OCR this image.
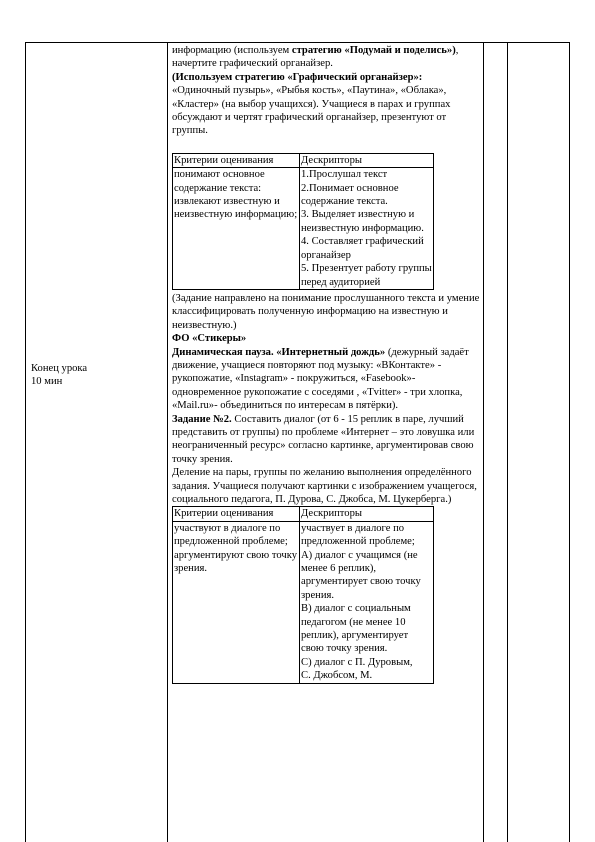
Конец урока

10 мин

информацию (используем стратегию «Подумай и поделись»), начертите графический органайзер.

(Используем стратегию «Графический органайзер»:

«Одиночный пузырь», «Рыбья кость», «Паутина», «Облака», «Кластер» (на выбор учащихся). Учащиеся в парах и группах обсуждают и чертят графический органайзер, презентуют от группы.

Критерии оценивания	Дескрипторы
понимают основное содержание текста: извлекают известную и неизвестную информацию;	1.Прослушал текст
2.Понимает основное содержание текста.
3. Выделяет известную и неизвестную информацию.
4. Составляет графический органайзер
5. Презентует работу группы перед аудиторией

(Задание направлено на понимание прослушанного текста и умение классифицировать полученную информацию на известную и неизвестную.)

ФО «Стикеры»

Динамическая пауза. «Интернетный дождь» (дежурный задаёт движение, учащиеся повторяют под музыку: «ВКонтакте» - рукопожатие, «Instagram» - покружиться, «Fasebook»- одновременное рукопожатие с соседями , «Tvitter» - три хлопка, «Mail.ru»- объединиться по интересам в пятёрки).

Задание №2. Составить диалог (от 6 - 15 реплик в паре, лучший представить от группы) по проблеме «Интернет – это ловушка или неограниченный ресурс» согласно картинке, аргументировав свою точку зрения.

Деление на пары, группы по желанию выполнения определённого задания. Учащиеся получают картинки с изображением учащегося, социального педагога, П. Дурова, С. Джобса, М. Цукерберга.)

Критерии оценивания	Дескрипторы
участвуют в диалоге по предложенной проблеме; аргументируют свою точку зрения.	участвует в диалоге по предложенной проблеме;
А) диалог с учащимся (не менее 6 реплик), аргументирует свою точку зрения.
В) диалог с социальным педагогом (не менее 10 реплик), аргументирует свою точку зрения.
С) диалог с П. Дуровым,
С. Джобсом, М.
